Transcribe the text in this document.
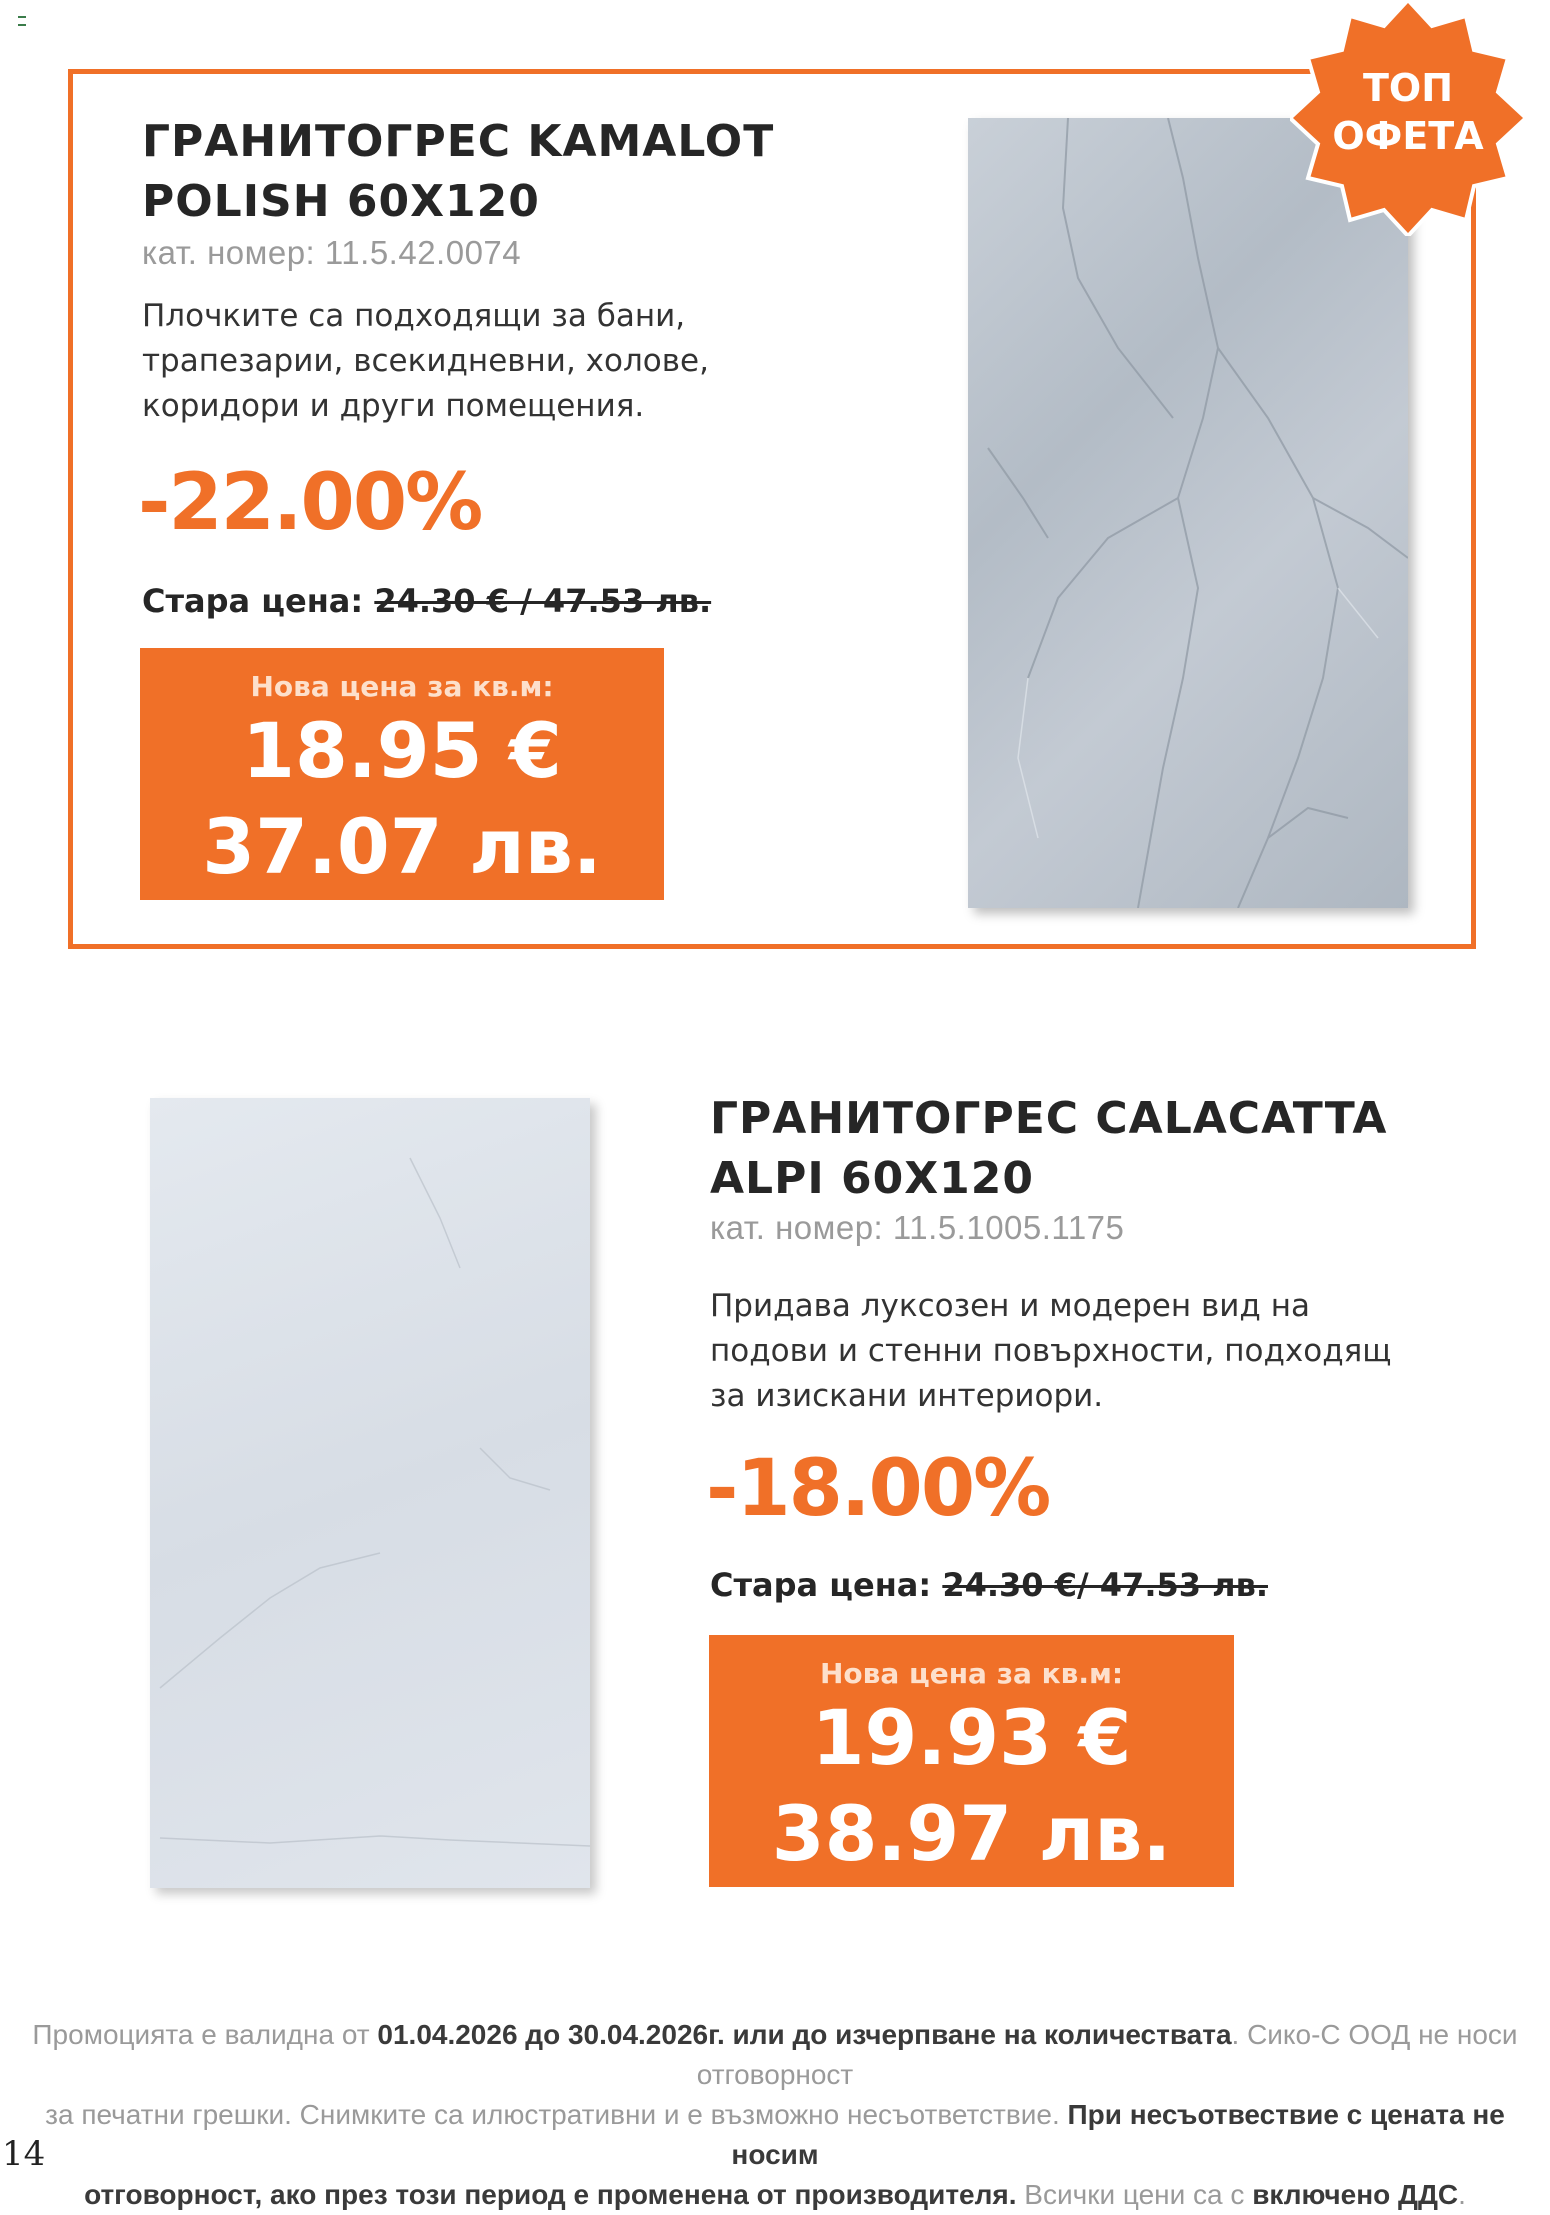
ГРАНИТОГРЕС KAMALOT

POLISH 60X120

кат. номер: 11.5.42.0074
Плочките са подходящи за бани,
трапезарии, всекидневни, холове,
коридори и други помещения.
-22.00%
Стара цена: 24.30 € / 47.53 лв.
Нова цена за кв.м:
18.95 €
37.07 лв.
ТОП
ОФЕТА

ГРАНИТОГРЕС CALACATTA

ALPI 60X120

кат. номер: 11.5.1005.1175
Придава луксозен и модерен вид на
подови и стенни повърхности, подходящ
за изискани интериори.
-18.00%
Стара цена: 24.30 €/ 47.53 лв.
Нова цена за кв.м:
19.93 €
38.97 лв.
Промоцията е валидна от 01.04.2026 до 30.04.2026г. или до изчерпване на количествата. Сико-С ООД не носи отговорност
за печатни грешки. Снимките са илюстративни и е възможно несъответствие. При несъотвествие с цената не носим
отговорност, ако през този период е променена от производителя. Всички цени са с включено ДДС.
14
